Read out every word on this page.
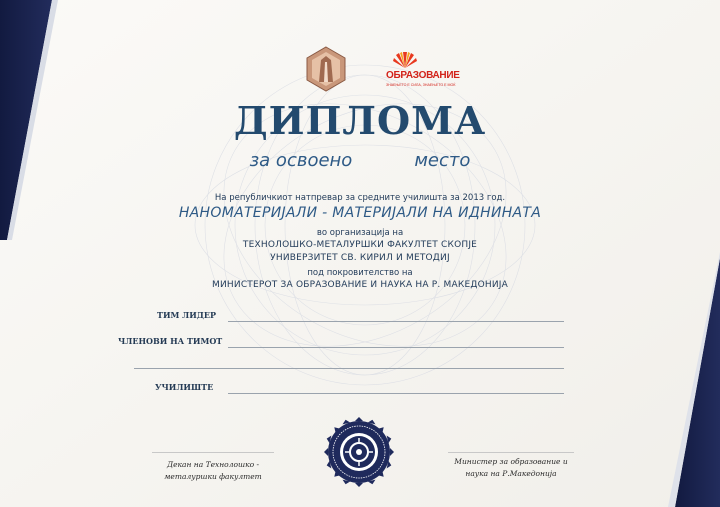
ОБРАЗОВАНИЕ
ЗНАЕЊЕТО Е СИЛА, ЗНАЕЊЕТО Е МОЌ
ДИПЛОМА
за освоено	место
На републичкиот натпревар за средните училишта за 2013 год.
НАНОМАТЕРИЈАЛИ - МАТЕРИЈАЛИ НА ИДНИНАТА
во организација на
ТЕХНОЛОШКО-МЕТАЛУРШКИ ФАКУЛТЕТ СКОПЈЕ
УНИВЕРЗИТЕТ СВ. КИРИЛ И МЕТОДИЈ
под покровителство на
МИНИСТЕРОТ ЗА ОБРАЗОВАНИЕ И НАУКА НА Р. МАКЕДОНИЈА
ТИМ ЛИДЕР
ЧЛЕНОВИ НА ТИМОТ
УЧИЛИШТЕ
Декан на Технолошко -
металуршки факултет
Министер за образование и
наука на Р.Македонија
